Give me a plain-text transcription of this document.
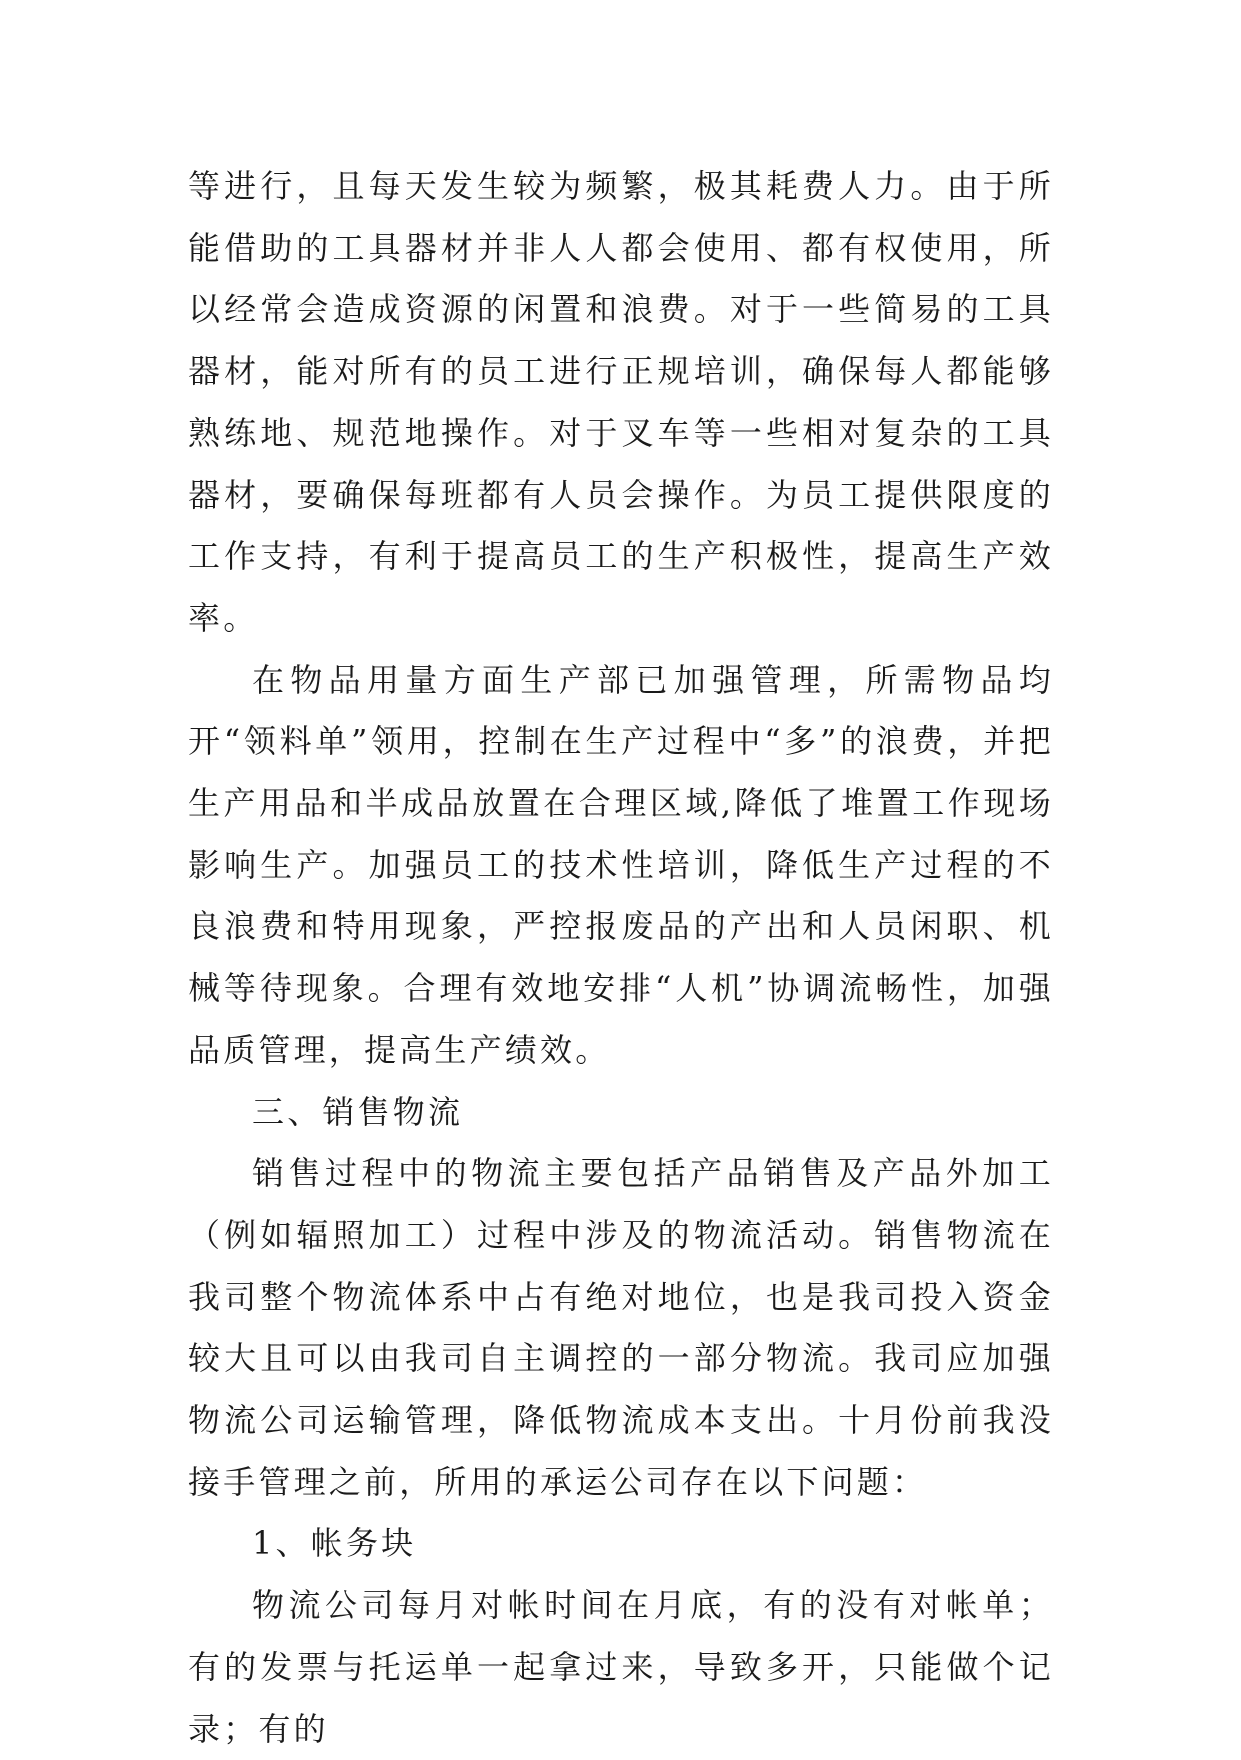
等进行，且每天发生较为频繁，极其耗费人力。由于所能借助的工具器材并非人人都会使用、都有权使用，所以经常会造成资源的闲置和浪费。对于一些简易的工具器材，能对所有的员工进行正规培训，确保每人都能够熟练地、规范地操作。对于叉车等一些相对复杂的工具器材，要确保每班都有人员会操作。为员工提供限度的工作支持，有利于提高员工的生产积极性，提高生产效率。

在物品用量方面生产部已加强管理，所需物品均开“领料单”领用，控制在生产过程中“多”的浪费，并把生产用品和半成品放置在合理区域,降低了堆置工作现场影响生产。加强员工的技术性培训，降低生产过程的不良浪费和特用现象，严控报废品的产出和人员闲职、机械等待现象。合理有效地安排“人机”协调流畅性，加强品质管理，提高生产绩效。

三、销售物流

销售过程中的物流主要包括产品销售及产品外加工（例如辐照加工）过程中涉及的物流活动。销售物流在我司整个物流体系中占有绝对地位，也是我司投入资金较大且可以由我司自主调控的一部分物流。我司应加强物流公司运输管理，降低物流成本支出。十月份前我没接手管理之前，所用的承运公司存在以下问题：

1、帐务块

物流公司每月对帐时间在月底，有的没有对帐单；有的发票与托运单一起拿过来，导致多开，只能做个记录；有的
